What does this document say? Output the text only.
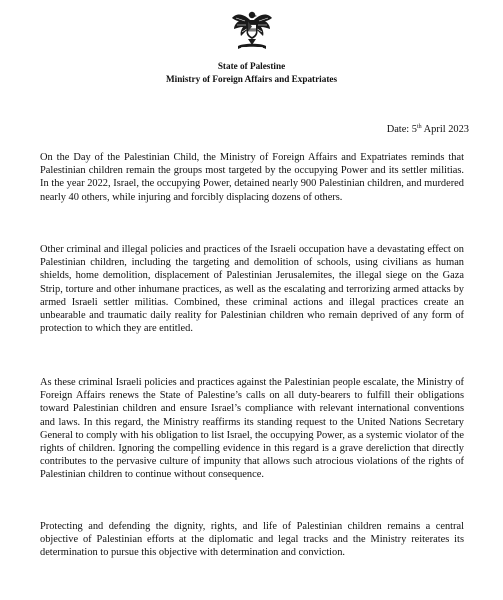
State of Palestine
Ministry of Foreign Affairs and Expatriates
Date: 5th April 2023

On the Day of the Palestinian Child, the Ministry of Foreign Affairs and Expatriates reminds that Palestinian children remain the groups most targeted by the occupying Power and its settler militias. In the year 2022, Israel, the occupying Power, detained nearly 900 Palestinian children, and murdered nearly 40 others, while injuring and forcibly displacing dozens of others.

Other criminal and illegal policies and practices of the Israeli occupation have a devastating effect on Palestinian children, including the targeting and demolition of schools, using civilians as human shields, home demolition, displacement of Palestinian Jerusalemites, the illegal siege on the Gaza Strip, torture and other inhumane practices, as well as the escalating and terrorizing armed attacks by armed Israeli settler militias. Combined, these criminal actions and illegal practices create an unbearable and traumatic daily reality for Palestinian children who remain deprived of any form of protection to which they are entitled.

As these criminal Israeli policies and practices against the Palestinian people escalate, the Ministry of Foreign Affairs renews the State of Palestine’s calls on all duty-bearers to fulfill their obligations toward Palestinian children and ensure Israel’s compliance with relevant international conventions and laws. In this regard, the Ministry reaffirms its standing request to the United Nations Secretary General to comply with his obligation to list Israel, the occupying Power, as a systemic violator of the rights of children. Ignoring the compelling evidence in this regard is a grave dereliction that directly contributes to the pervasive culture of impunity that allows such atrocious violations of the rights of Palestinian children to continue without consequence.

Protecting and defending the dignity, rights, and life of Palestinian children remains a central objective of Palestinian efforts at the diplomatic and legal tracks and the Ministry reiterates its determination to pursue this objective with determination and conviction.
